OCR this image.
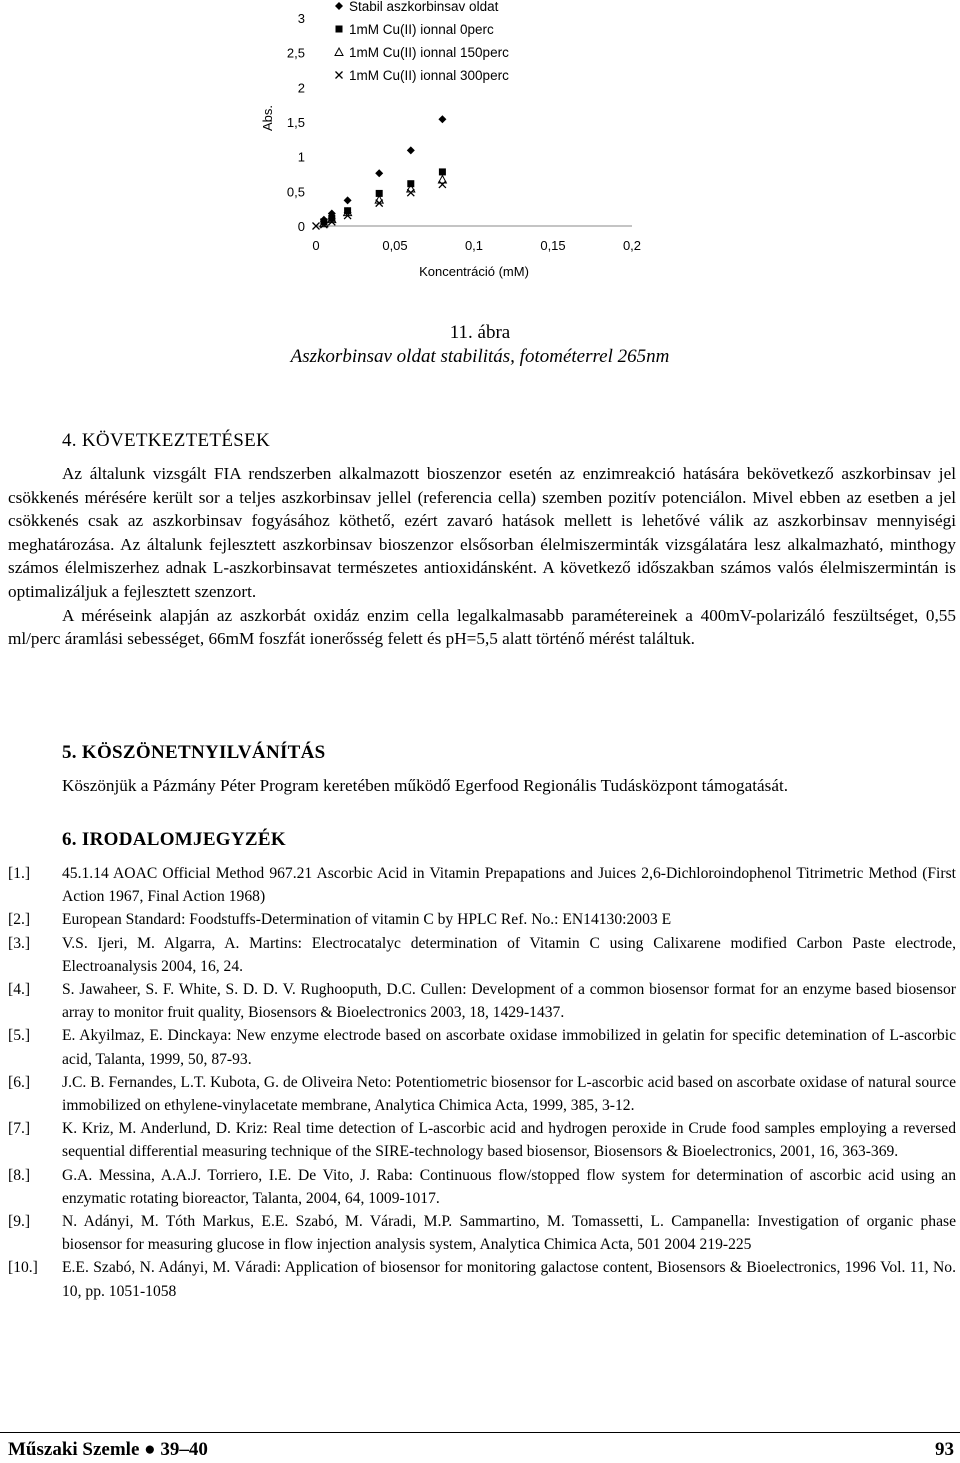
0
0,5
1
1,5
2
2,5
3
0	0,05	0,1	0,15	0,2
Koncentráció (mM)
Abs.
Stabil aszkorbinsav oldat
1mM Cu(II) ionnal 0perc
1mM Cu(II) ionnal 150perc
1mM Cu(II) ionnal 300perc
11. ábra
Aszkorbinsav oldat stabilitás, fotométerrel 265nm
4. KÖVETKEZTETÉSEK

Az általunk vizsgált FIA rendszerben alkalmazott bioszenzor esetén az enzimreakció hatására bekövetkező aszkorbinsav jel csökkenés mérésére került sor a teljes aszkorbinsav jellel (referencia cella) szemben pozitív potenciálon. Mivel ebben az esetben a jel csökkenés csak az aszkorbinsav fogyásához köthető, ezért zavaró hatások mellett is lehetővé válik az aszkorbinsav mennyiségi meghatározása. Az általunk fejlesztett aszkorbinsav bioszenzor elsősorban élelmiszerminták vizsgálatára lesz alkalmazható, minthogy számos élelmiszerhez adnak L-aszkorbinsavat természetes antioxidánsként. A következő időszakban számos valós élelmiszermintán is optimalizáljuk a fejlesztett szenzort.

A méréseink alapján az aszkorbát oxidáz enzim cella legalkalmasabb paramétereinek a 400mV-polarizáló feszültséget, 0,55 ml/perc áramlási sebességet, 66mM foszfát ionerősség felett és pH=5,5 alatt történő mérést találtuk.

5. KÖSZÖNETNYILVÁNÍTÁS
Köszönjük a Pázmány Péter Program keretében működő Egerfood Regionális Tudásközpont támogatását.
6. IRODALOMJEGYZÉK
[1.] 45.1.14 AOAC Official Method 967.21 Ascorbic Acid in Vitamin Prepapations and Juices 2,6-Dichloroindophenol Titrimetric Method (First Action 1967, Final Action 1968)
[2.] European Standard: Foodstuffs-Determination of vitamin C by HPLC Ref. No.: EN14130:2003 E
[3.] V.S. Ijeri, M. Algarra, A. Martins: Electrocatalyc determination of Vitamin C using Calixarene modified Carbon Paste electrode, Electroanalysis 2004, 16, 24.
[4.] S. Jawaheer, S. F. White, S. D. D. V. Rughooputh, D.C. Cullen: Development of a common biosensor format for an enzyme based biosensor array to monitor fruit quality, Biosensors & Bioelectronics 2003, 18, 1429-1437.
[5.] E. Akyilmaz, E. Dinckaya: New enzyme electrode based on ascorbate oxidase immobilized in gelatin for specific detemination of L-ascorbic acid, Talanta, 1999, 50, 87-93.
[6.] J.C. B. Fernandes, L.T. Kubota, G. de Oliveira Neto: Potentiometric biosensor for L-ascorbic acid based on ascorbate oxidase of natural source immobilized on ethylene-vinylacetate membrane, Analytica Chimica Acta, 1999, 385, 3-12.
[7.] K. Kriz, M. Anderlund, D. Kriz: Real time detection of L-ascorbic acid and hydrogen peroxide in Crude food samples employing a reversed sequential differential measuring technique of the SIRE-technology based biosensor, Biosensors & Bioelectronics, 2001, 16, 363-369.
[8.] G.A. Messina, A.A.J. Torriero, I.E. De Vito, J. Raba: Continuous flow/stopped flow system for determination of ascorbic acid using an enzymatic rotating bioreactor, Talanta, 2004, 64, 1009-1017.
[9.] N. Adányi, M. Tóth Markus, E.E. Szabó, M. Váradi, M.P. Sammartino, M. Tomassetti, L. Campanella: Investigation of organic phase biosensor for measuring glucose in flow injection analysis system, Analytica Chimica Acta, 501 2004 219-225
[10.] E.E. Szabó, N. Adányi, M. Váradi: Application of biosensor for monitoring galactose content, Biosensors & Bioelectronics, 1996 Vol. 11, No. 10, pp. 1051-1058
Műszaki Szemle ● 39–40	93
